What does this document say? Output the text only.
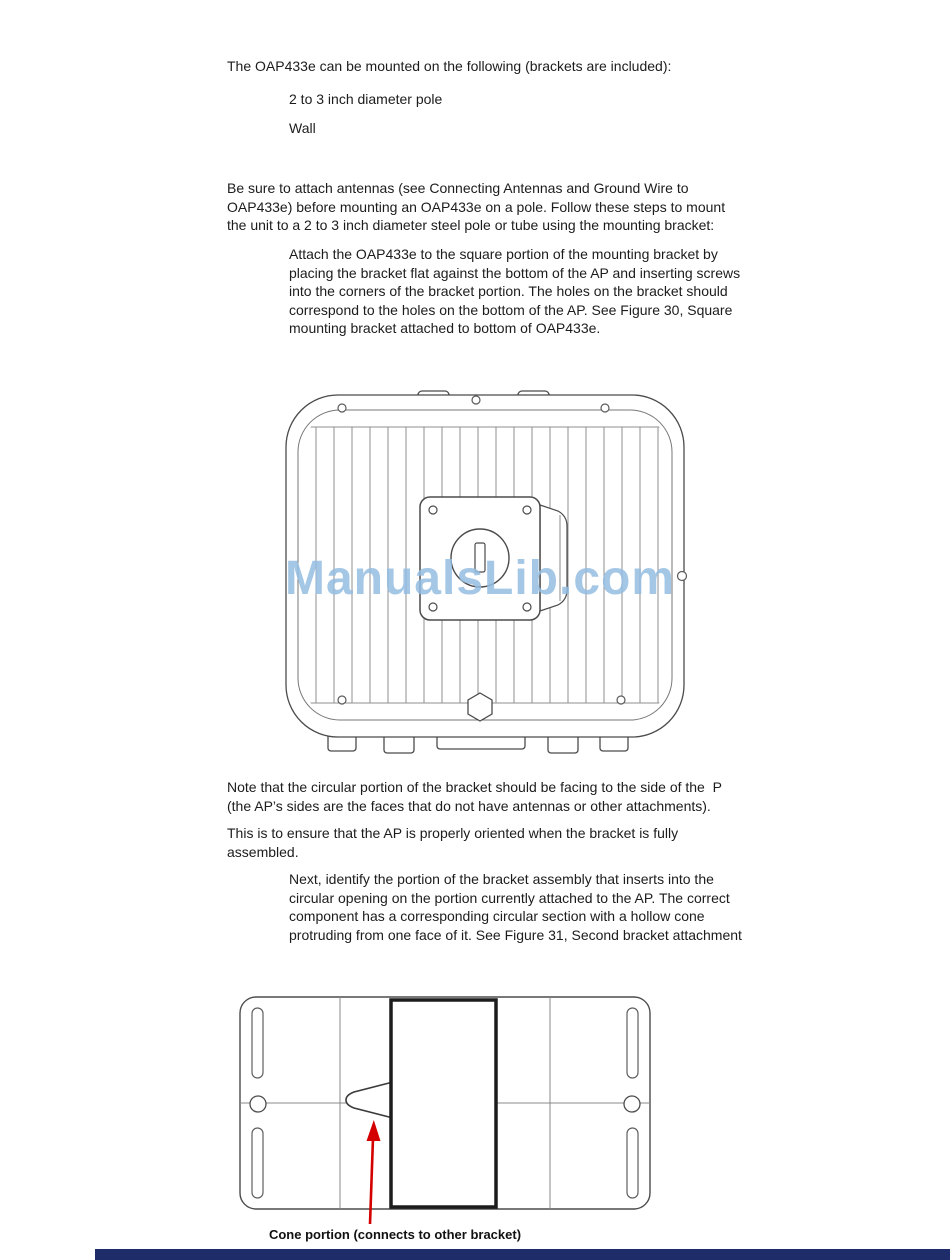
The OAP433e can be mounted on the following (brackets are included):
2 to 3 inch diameter pole
Wall
Be sure to attach antennas (see Connecting Antennas and Ground Wire to
OAP433e) before mounting an OAP433e on a pole. Follow these steps to mount
the unit to a 2 to 3 inch diameter steel pole or tube using the mounting bracket:
Attach the OAP433e to the square portion of the mounting bracket by
placing the bracket flat against the bottom of the AP and inserting screws
into the corners of the bracket portion. The holes on the bracket should
correspond to the holes on the bottom of the AP. See Figure 30, Square
mounting bracket attached to bottom of OAP433e.
ManualsLib.com
Note that the circular portion of the bracket should be facing to the side of the  P
(the AP’s sides are the faces that do not have antennas or other attachments).
This is to ensure that the AP is properly oriented when the bracket is fully
assembled.
Next, identify the portion of the bracket assembly that inserts into the
circular opening on the portion currently attached to the AP. The correct
component has a corresponding circular section with a hollow cone
protruding from one face of it. See Figure 31, Second bracket attachment
Cone portion (connects to other bracket)
